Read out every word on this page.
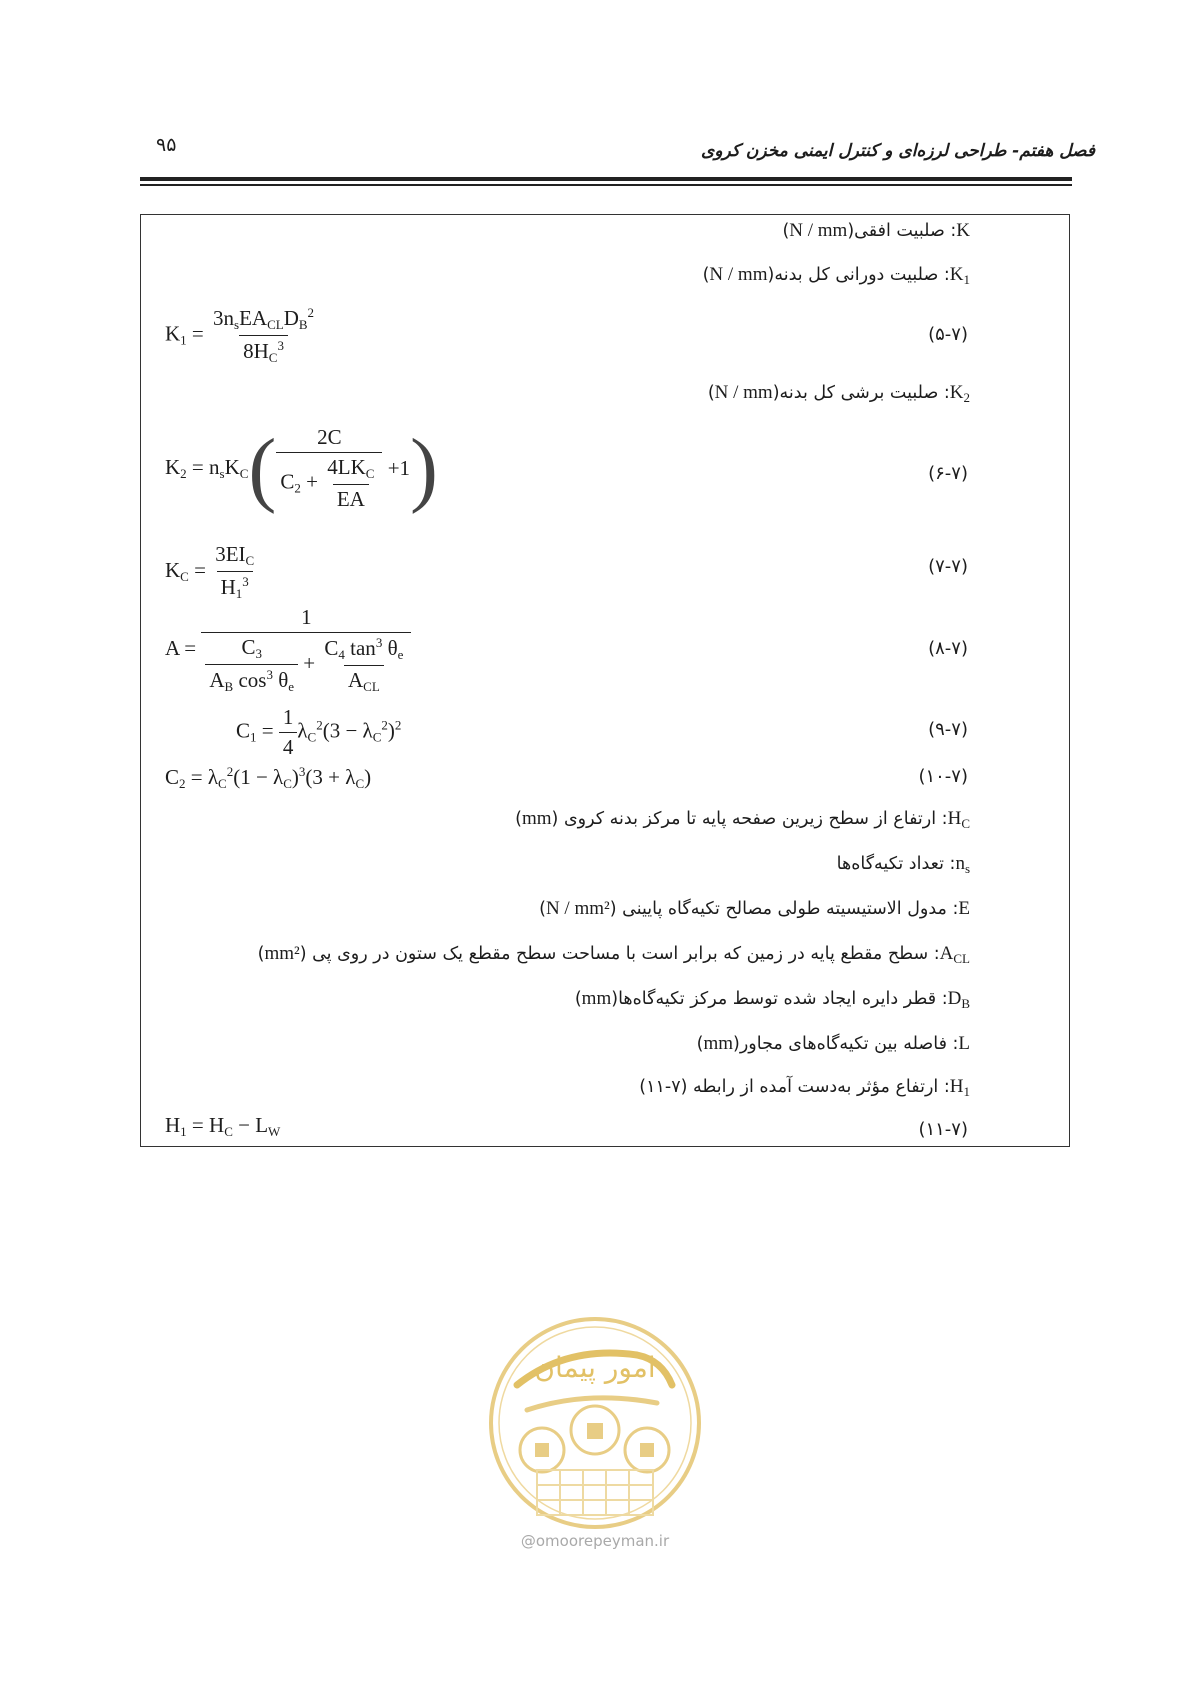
۹۵	فصل هفتم- طراحی لرزه‌ای و کنترل ایمنی مخزن کروی
K: صلبیت افقی(N / mm)
$K_1$: صلبیت دورانی کل بدنه(N / mm)
$K_2$: صلبیت برشی کل بدنه(N / mm)
$H_C$: ارتفاع از سطح زیرین صفحه پایه تا مرکز بدنه کروی (mm)
$n_s$: تعداد تکیه‌گاه‌ها
E: مدول الاستیسیته طولی مصالح تکیه‌گاه پایینی (N / mm²)
$A_{CL}$: سطح مقطع پایه در زمین که برابر است با مساحت سطح مقطع یک ستون در روی پی (mm²)
$D_B$: قطر دایره ایجاد شده توسط مرکز تکیه‌گاه‌ها(mm)
L: فاصله بین تکیه‌گاه‌های مجاور(mm)
$H_1$: ارتفاع مؤثر به‌دست آمده از رابطه (۷-۱۱)
(۵-۷)
(۶-۷)
(۷-۷)
(۸-۷)
(۹-۷)
(۱۰-۷)
(۱۱-۷)
$K_1 = \frac{3n_sEA_{CL}D_B^2}{8H_C^3}$
$K_2 = n_sK_C( \frac{2C}{C_2 + \frac{4LK_C}{EA}} +1)$
$K_C = \frac{3EI_C}{H_1^3}$
$A = \frac{1}{\frac{C_3}{A_B \cos^3 \theta_e} + \frac{C_4 \tan^3 \theta_e}{A_{CL}}}$
$C_1 = \frac{1}{4} \lambda_C^2(3 - \lambda_C^2)^2$
$C_2 = \lambda_C^2(1 - \lambda_C)^3(3 + \lambda_C)$
$H_1 = H_C - L_W$
امور پیمان
@omoorepeyman.ir
